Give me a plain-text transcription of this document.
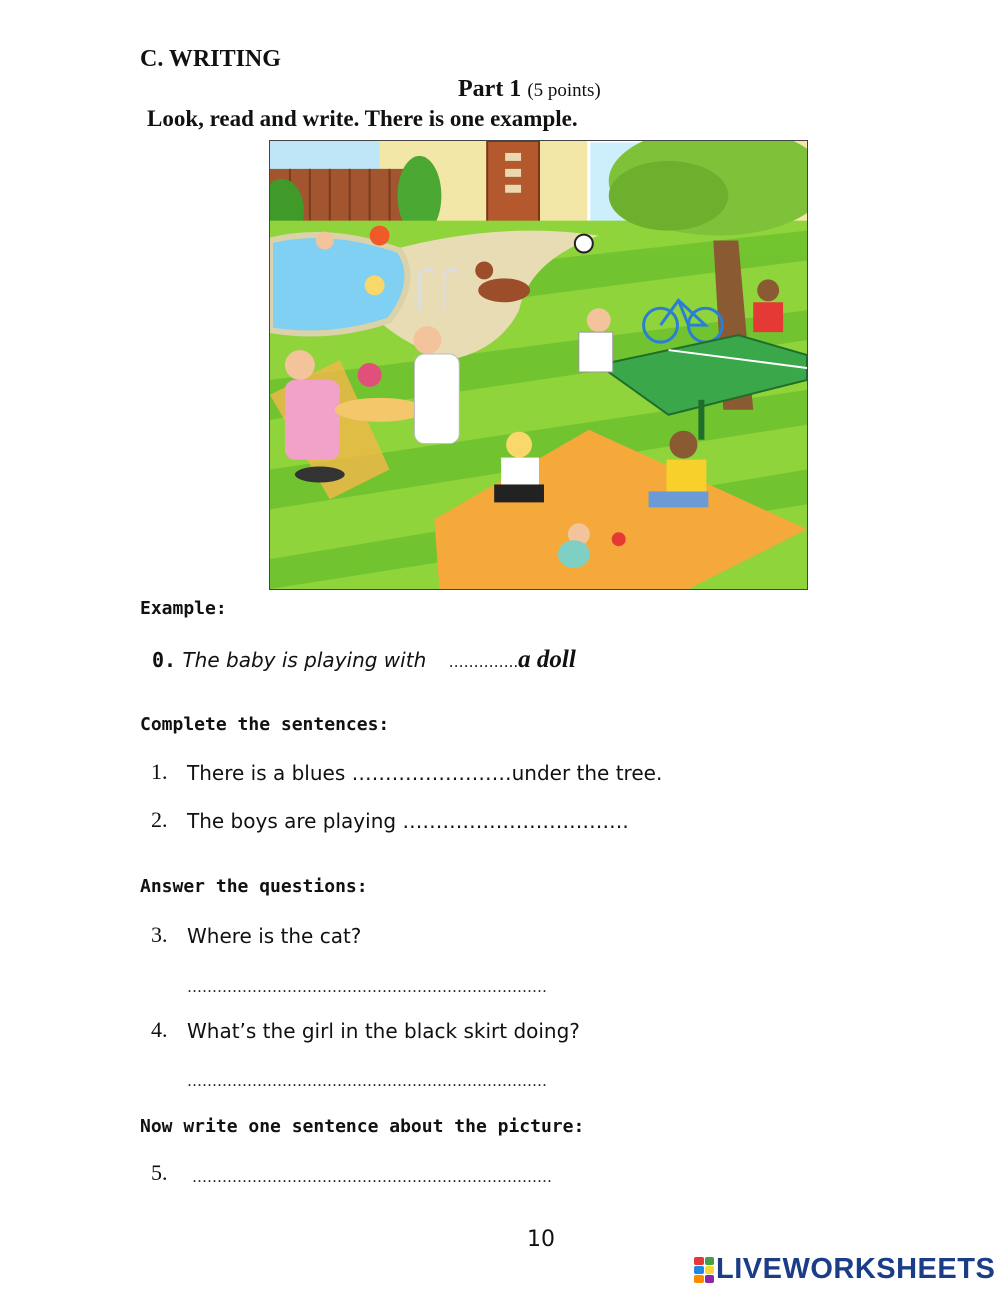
C. WRITING
Part 1 (5 points)
Look, read and write. There is one example.
Example:
0. The baby is playing with …………..a doll
Complete the sentences:
1. There is a blues ……………………under the tree.
2. The boys are playing …………………………….
Answer the questions:
3. Where is the cat?
………………………………………………………………
4. What’s the girl in the black skirt doing?
………………………………………………………………
Now write one sentence about the picture:
5. ………………………………………………………………
10
LIVEWORKSHEETS
